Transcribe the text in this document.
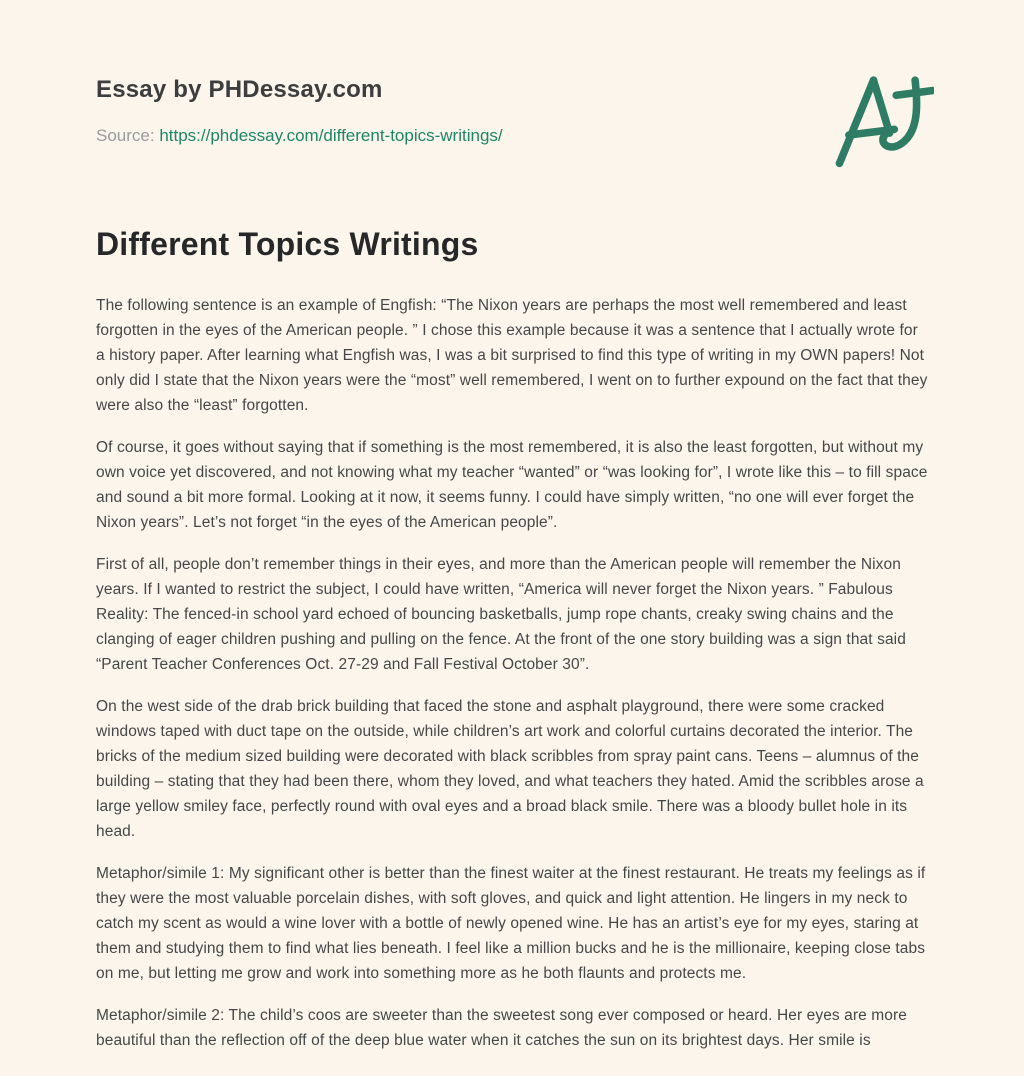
Essay by PHDessay.com
Source: https://phdessay.com/different-topics-writings/
Different Topics Writings

The following sentence is an example of Engfish: “The Nixon years are perhaps the most well remembered and least forgotten in the eyes of the American people. ” I chose this example because it was a sentence that I actually wrote for a history paper. After learning what Engfish was, I was a bit surprised to find this type of writing in my OWN papers! Not only did I state that the Nixon years were the “most” well remembered, I went on to further expound on the fact that they were also the “least” forgotten.

Of course, it goes without saying that if something is the most remembered, it is also the least forgotten, but without my own voice yet discovered, and not knowing what my teacher “wanted” or “was looking for”, I wrote like this – to fill space and sound a bit more formal. Looking at it now, it seems funny. I could have simply written, “no one will ever forget the Nixon years”. Let’s not forget “in the eyes of the American people”.

First of all, people don’t remember things in their eyes, and more than the American people will remember the Nixon years. If I wanted to restrict the subject, I could have written, “America will never forget the Nixon years. ” Fabulous Reality: The fenced-in school yard echoed of bouncing basketballs, jump rope chants, creaky swing chains and the clanging of eager children pushing and pulling on the fence. At the front of the one story building was a sign that said “Parent Teacher Conferences Oct. 27-29 and Fall Festival October 30”.

On the west side of the drab brick building that faced the stone and asphalt playground, there were some cracked windows taped with duct tape on the outside, while children’s art work and colorful curtains decorated the interior. The bricks of the medium sized building were decorated with black scribbles from spray paint cans. Teens – alumnus of the building – stating that they had been there, whom they loved, and what teachers they hated. Amid the scribbles arose a large yellow smiley face, perfectly round with oval eyes and a broad black smile. There was a bloody bullet hole in its head.

Metaphor/simile 1: My significant other is better than the finest waiter at the finest restaurant. He treats my feelings as if they were the most valuable porcelain dishes, with soft gloves, and quick and light attention. He lingers in my neck to catch my scent as would a wine lover with a bottle of newly opened wine. He has an artist’s eye for my eyes, staring at them and studying them to find what lies beneath. I feel like a million bucks and he is the millionaire, keeping close tabs on me, but letting me grow and work into something more as he both flaunts and protects me.

Metaphor/simile 2: The child’s coos are sweeter than the sweetest song ever composed or heard. Her eyes are more beautiful than the reflection off of the deep blue water when it catches the sun on its brightest days. Her smile is
